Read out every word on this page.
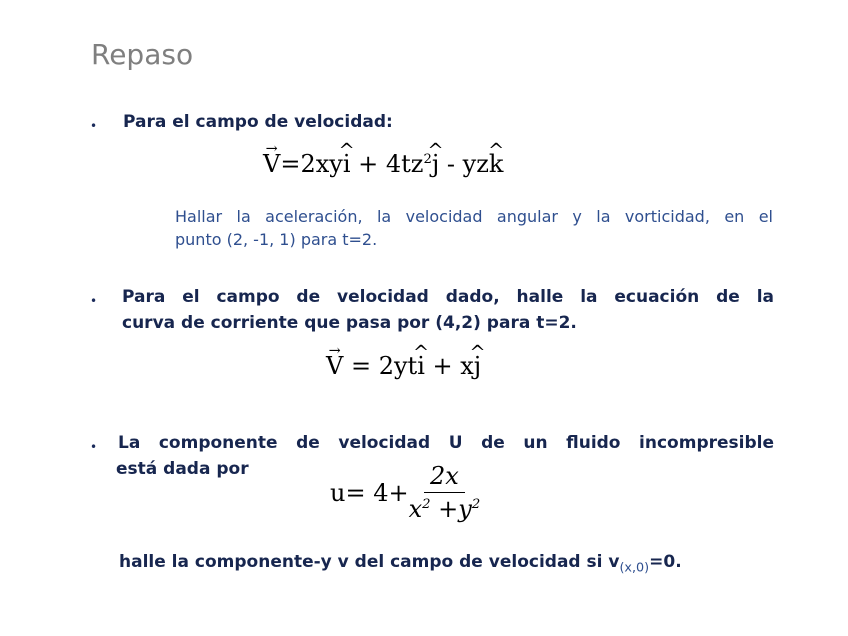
Repaso
• Para el campo de velocidad:
→ V=2xy^ $i + 4tz^2\^{}$ j - yz^ k
Hallar la aceleración, la velocidad angular y la vorticidad, en el
punto (2, -1, 1) para t=2.
• Para el campo de velocidad dado, halle la ecuación de la
curva de corriente que pasa por (4,2) para t=2.
→ V = 2yt^ i + x^ j
• La componente de velocidad U de un fluido incompresible
está dada por
$u= 4+ \frac{2x}{x^2 +y^2}$
halle la componente-y v del campo de velocidad si $v_{(x,0)}=0$.
